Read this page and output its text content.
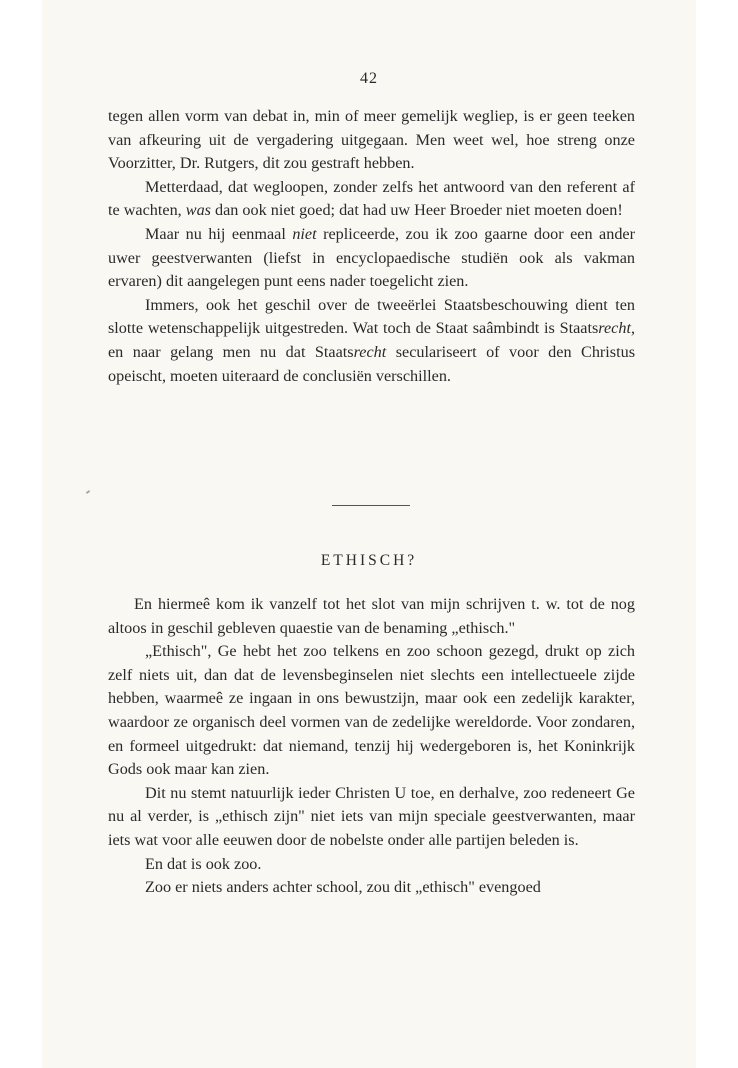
42

tegen allen vorm van debat in, min of meer gemelijk wegliep, is er geen teeken van afkeuring uit de vergadering uitgegaan. Men weet wel, hoe streng onze Voorzitter, Dr. Rutgers, dit zou gestraft hebben.

Metterdaad, dat wegloopen, zonder zelfs het antwoord van den referent af te wachten, was dan ook niet goed; dat had uw Heer Broeder niet moeten doen!

Maar nu hij eenmaal niet repliceerde, zou ik zoo gaarne door een ander uwer geestverwanten (liefst in encyclopaedische studiën ook als vakman ervaren) dit aangelegen punt eens nader toegelicht zien.

Immers, ook het geschil over de tweeërlei Staatsbeschouwing dient ten slotte wetenschappelijk uitgestreden. Wat toch de Staat saâmbindt is Staatsrecht, en naar gelang men nu dat Staatsrecht seculariseert of voor den Christus opeischt, moeten uiteraard de conclusiën verschillen.

ETHISCH?

En hiermeê kom ik vanzelf tot het slot van mijn schrijven t. w. tot de nog altoos in geschil gebleven quaestie van de benaming „ethisch."

„Ethisch", Ge hebt het zoo telkens en zoo schoon gezegd, drukt op zich zelf niets uit, dan dat de levensbeginselen niet slechts een intellectueele zijde hebben, waarmeê ze ingaan in ons bewustzijn, maar ook een zedelijk karakter, waardoor ze organisch deel vormen van de zedelijke wereldorde. Voor zondaren, en formeel uitgedrukt: dat niemand, tenzij hij wedergeboren is, het Koninkrijk Gods ook maar kan zien.

Dit nu stemt natuurlijk ieder Christen U toe, en derhalve, zoo redeneert Ge nu al verder, is „ethisch zijn" niet iets van mijn speciale geestverwanten, maar iets wat voor alle eeuwen door de nobelste onder alle partijen beleden is.

En dat is ook zoo.

Zoo er niets anders achter school, zou dit „ethisch" evengoed
